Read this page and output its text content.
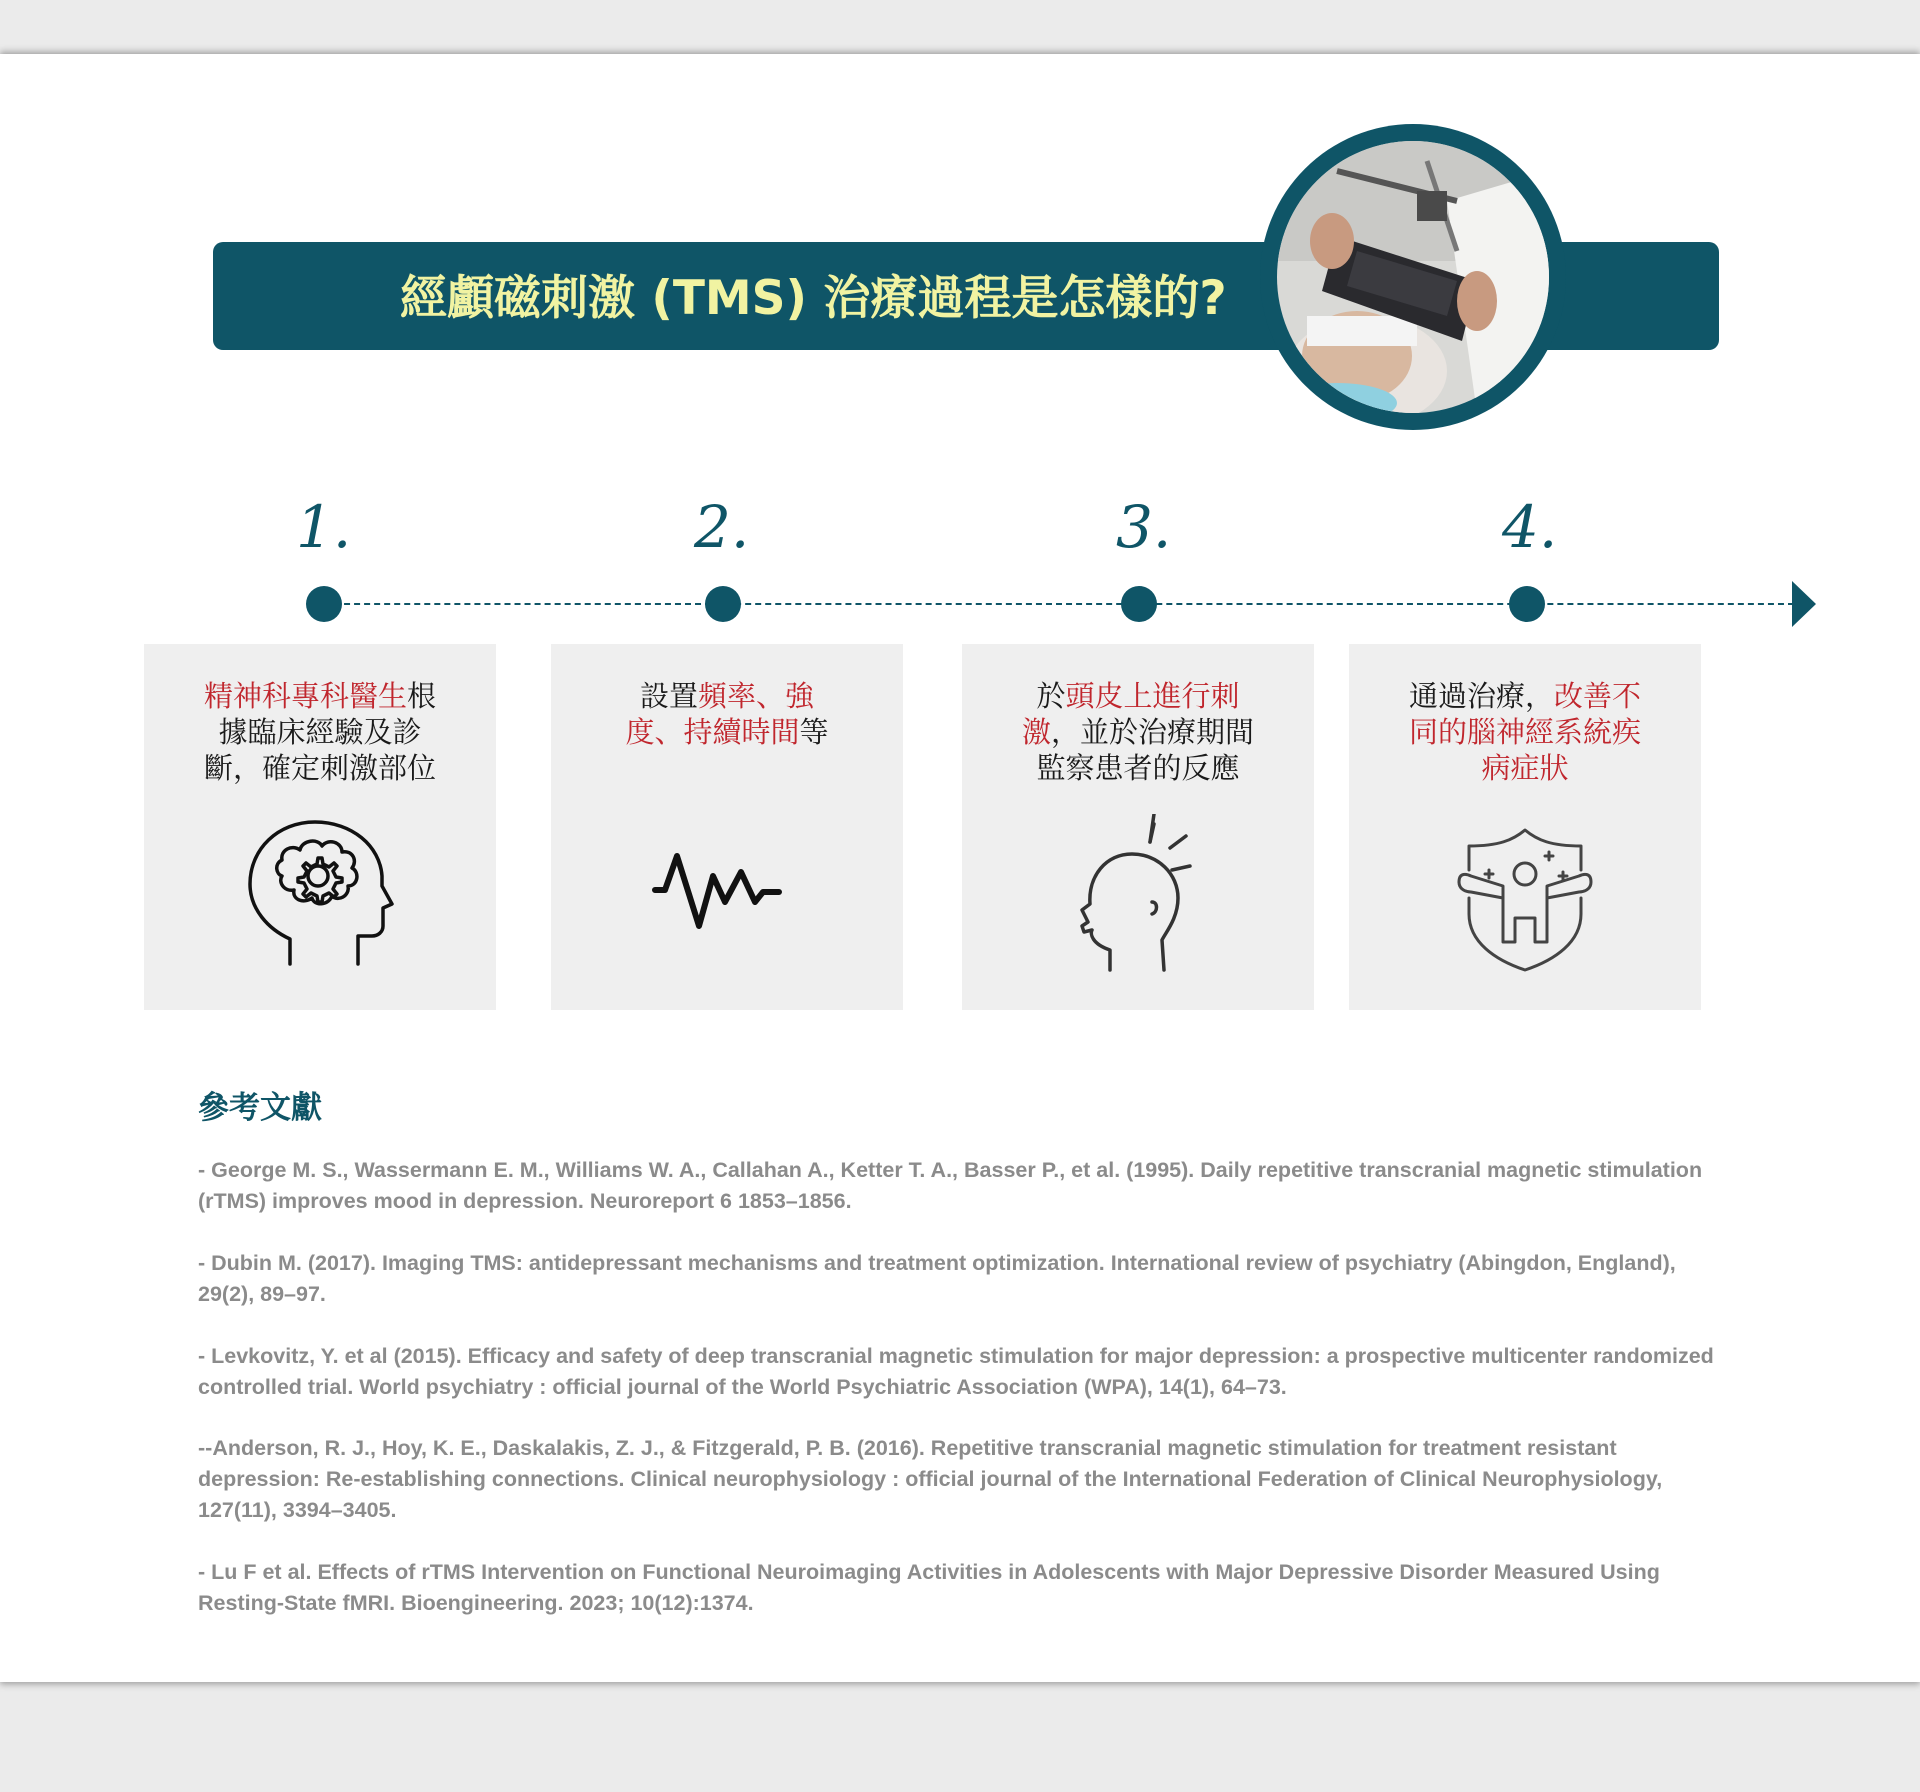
經顱磁刺激 (TMS) 治療過程是怎樣的?
1.	2.	3.	4.
精神科專科醫生根據臨床經驗及診斷，確定刺激部位
設置頻率、強度、持續時間等
於頭皮上進行刺激，並於治療期間監察患者的反應
通過治療，改善不同的腦神經系統疾病症狀
參考文獻
- George M. S., Wassermann E. M., Williams W. A., Callahan A., Ketter T. A., Basser P., et al. (1995). Daily repetitive transcranial magnetic stimulation (rTMS) improves mood in depression. Neuroreport 6 1853–1856.
- Dubin M. (2017). Imaging TMS: antidepressant mechanisms and treatment optimization. International review of psychiatry (Abingdon, England), 29(2), 89–97.
- Levkovitz, Y. et al (2015). Efficacy and safety of deep transcranial magnetic stimulation for major depression: a prospective multicenter randomized controlled trial. World psychiatry : official journal of the World Psychiatric Association (WPA), 14(1), 64–73.
--Anderson, R. J., Hoy, K. E., Daskalakis, Z. J., & Fitzgerald, P. B. (2016). Repetitive transcranial magnetic stimulation for treatment resistant depression: Re-establishing connections. Clinical neurophysiology : official journal of the International Federation of Clinical Neurophysiology, 127(11), 3394–3405.
- Lu F et al. Effects of rTMS Intervention on Functional Neuroimaging Activities in Adolescents with Major Depressive Disorder Measured Using Resting-State fMRI. Bioengineering. 2023; 10(12):1374.
